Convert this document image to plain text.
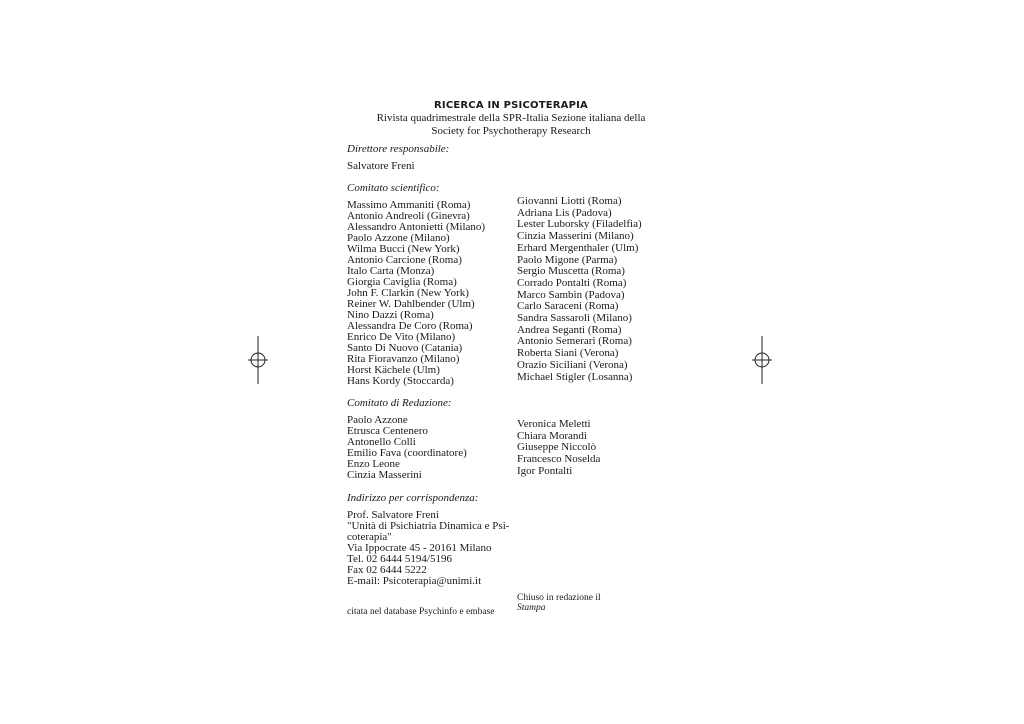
RICERCA IN PSICOTERAPIA
Rivista quadrimestrale della SPR-Italia Sezione italiana della
Society for Psychotherapy Research
Direttore responsabile:
Salvatore Freni
Comitato scientifico:
Massimo Ammaniti (Roma)
Antonio Andreoli (Ginevra)
Alessandro Antonietti (Milano)
Paolo Azzone (Milano)
Wilma Bucci (New York)
Antonio Carcione (Roma)
Italo Carta (Monza)
Giorgia Caviglia (Roma)
John F. Clarkin (New York)
Reiner W. Dahlbender (Ulm)
Nino Dazzi (Roma)
Alessandra De Coro (Roma)
Enrico De Vito (Milano)
Santo Di Nuovo (Catania)
Rita Fioravanzo (Milano)
Horst Kächele (Ulm)
Hans Kordy (Stoccarda)
Giovanni Liotti (Roma)
Adriana Lis (Padova)
Lester Luborsky (Filadelfia)
Cinzia Masserini (Milano)
Erhard Mergenthaler (Ulm)
Paolo Migone (Parma)
Sergio Muscetta (Roma)
Corrado Pontalti (Roma)
Marco Sambin (Padova)
Carlo Saraceni (Roma)
Sandra Sassaroli (Milano)
Andrea Seganti (Roma)
Antonio Semerari (Roma)
Roberta Siani (Verona)
Orazio Siciliani (Verona)
Michael Stigler (Losanna)
Comitato di Redazione:
Paolo Azzone
Etrusca Centenero
Antonello Colli
Emilio Fava (coordinatore)
Enzo Leone
Cinzia Masserini
Veronica Meletti
Chiara Morandi
Giuseppe Niccolò
Francesco Noselda
Igor Pontalti
Indirizzo per corrispondenza:
Prof. Salvatore Freni
"Unità di Psichiatria Dinamica e Psi-
coterapia"
Via Ippocrate 45 - 20161 Milano
Tel. 02 6444 5194/5196
Fax 02 6444 5222
E-mail: Psicoterapia@unimi.it
citata nel database Psychinfo e embase
Chiuso in redazione il
Stampa
